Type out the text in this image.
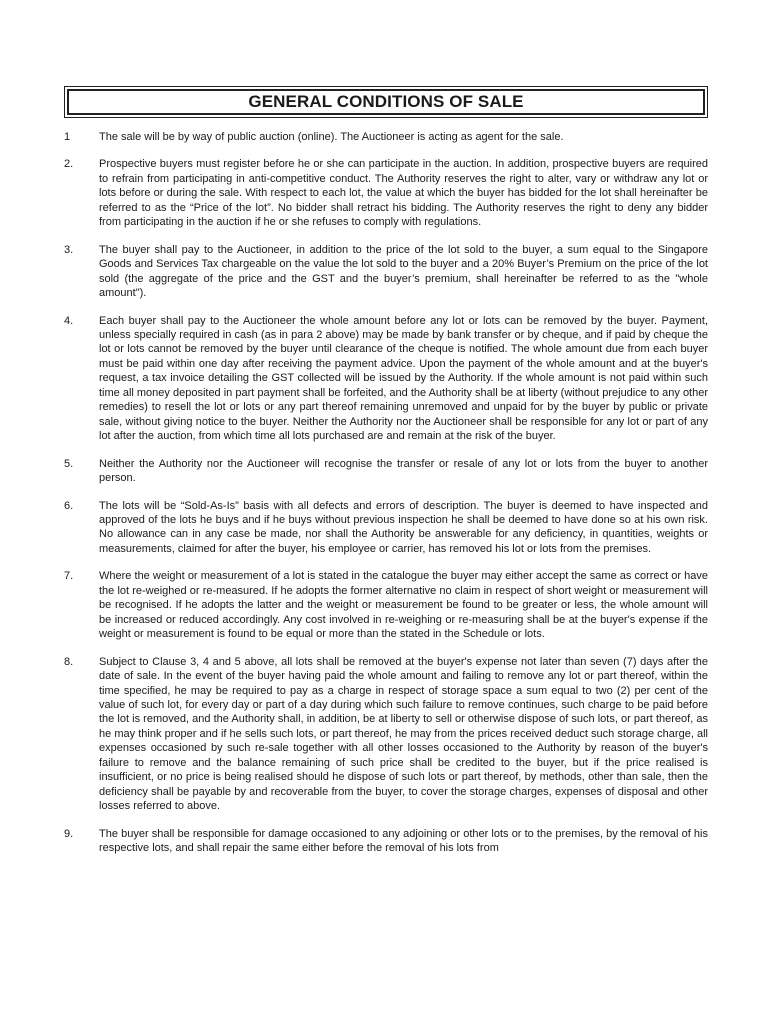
GENERAL CONDITIONS OF SALE
1	The sale will be by way of public auction (online). The Auctioneer is acting as agent for the sale.
2.	Prospective buyers must register before he or she can participate in the auction. In addition, prospective buyers are required to refrain from participating in anti-competitive conduct. The Authority reserves the right to alter, vary or withdraw any lot or lots before or during the sale. With respect to each lot, the value at which the buyer has bidded for the lot shall hereinafter be referred to as the “Price of the lot”. No bidder shall retract his bidding. The Authority reserves the right to deny any bidder from participating in the auction if he or she refuses to comply with regulations.
3.	The buyer shall pay to the Auctioneer, in addition to the price of the lot sold to the buyer, a sum equal to the Singapore Goods and Services Tax chargeable on the value the lot sold to the buyer and a 20% Buyer’s Premium on the price of the lot sold (the aggregate of the price and the GST and the buyer’s premium, shall hereinafter be referred to as the "whole amount").
4.	Each buyer shall pay to the Auctioneer the whole amount before any lot or lots can be removed by the buyer. Payment, unless specially required in cash (as in para 2 above) may be made by bank transfer or by cheque, and if paid by cheque the lot or lots cannot be removed by the buyer until clearance of the cheque is notified. The whole amount due from each buyer must be paid within one day after receiving the payment advice. Upon the payment of the whole amount and at the buyer's request, a tax invoice detailing the GST collected will be issued by the Authority. If the whole amount is not paid within such time all money deposited in part payment shall be forfeited, and the Authority shall be at liberty (without prejudice to any other remedies) to resell the lot or lots or any part thereof remaining unremoved and unpaid for by the buyer by public or private sale, without giving notice to the buyer. Neither the Authority nor the Auctioneer shall be responsible for any lot or part of any lot after the auction, from which time all lots purchased are and remain at the risk of the buyer.
5.	Neither the Authority nor the Auctioneer will recognise the transfer or resale of any lot or lots from the buyer to another person.
6.	The lots will be “Sold-As-Is” basis with all defects and errors of description. The buyer is deemed to have inspected and approved of the lots he buys and if he buys without previous inspection he shall be deemed to have done so at his own risk. No allowance can in any case be made, nor shall the Authority be answerable for any deficiency, in quantities, weights or measurements, claimed for after the buyer, his employee or carrier, has removed his lot or lots from the premises.
7.	Where the weight or measurement of a lot is stated in the catalogue the buyer may either accept the same as correct or have the lot re-weighed or re-measured. If he adopts the former alternative no claim in respect of short weight or measurement will be recognised. If he adopts the latter and the weight or measurement be found to be greater or less, the whole amount will be increased or reduced accordingly. Any cost involved in re-weighing or re-measuring shall be at the buyer's expense if the weight or measurement is found to be equal or more than the stated in the Schedule or lots.
8.	Subject to Clause 3, 4 and 5 above, all lots shall be removed at the buyer's expense not later than seven (7) days after the date of sale. In the event of the buyer having paid the whole amount and failing to remove any lot or part thereof, within the time specified, he may be required to pay as a charge in respect of storage space a sum equal to two (2) per cent of the value of such lot, for every day or part of a day during which such failure to remove continues, such charge to be paid before the lot is removed, and the Authority shall, in addition, be at liberty to sell or otherwise dispose of such lots, or part thereof, as he may think proper and if he sells such lots, or part thereof, he may from the prices received deduct such storage charge, all expenses occasioned by such re-sale together with all other losses occasioned to the Authority by reason of the buyer's failure to remove and the balance remaining of such price shall be credited to the buyer, but if the price realised is insufficient, or no price is being realised should he dispose of such lots or part thereof, by methods, other than sale, then the deficiency shall be payable by and recoverable from the buyer, to cover the storage charges, expenses of disposal and other losses referred to above.
9.	The buyer shall be responsible for damage occasioned to any adjoining or other lots or to the premises, by the removal of his respective lots, and shall repair the same either before the removal of his lots from
